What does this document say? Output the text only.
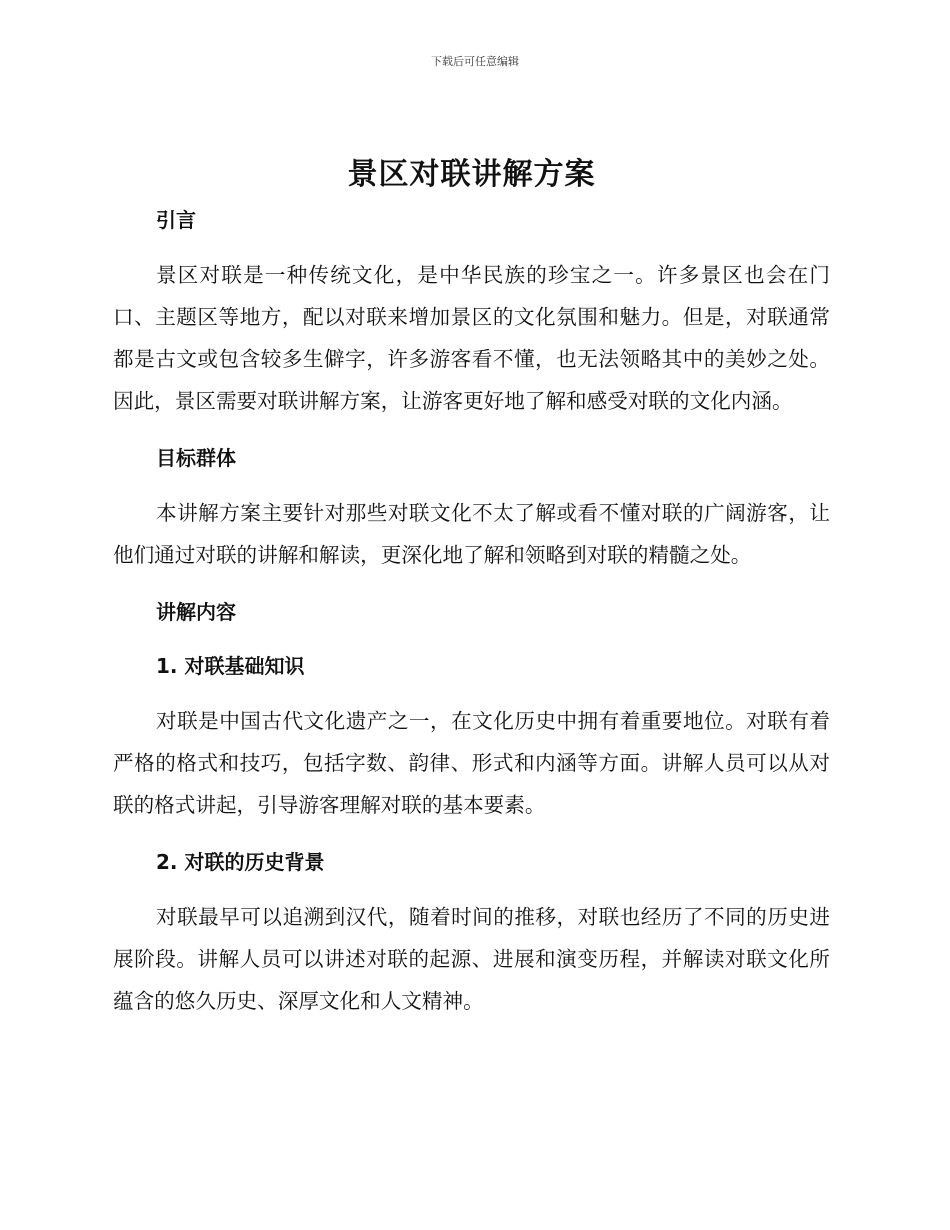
下载后可任意编辑
景区对联讲解方案
引言

景区对联是一种传统文化，是中华民族的珍宝之一。许多景区也会在门口、主题区等地方，配以对联来增加景区的文化氛围和魅力。但是，对联通常都是古文或包含较多生僻字，许多游客看不懂，也无法领略其中的美妙之处。因此，景区需要对联讲解方案，让游客更好地了解和感受对联的文化内涵。

目标群体

本讲解方案主要针对那些对联文化不太了解或看不懂对联的广阔游客，让他们通过对联的讲解和解读，更深化地了解和领略到对联的精髓之处。

讲解内容
1. 对联基础知识

对联是中国古代文化遗产之一，在文化历史中拥有着重要地位。对联有着严格的格式和技巧，包括字数、韵律、形式和内涵等方面。讲解人员可以从对联的格式讲起，引导游客理解对联的基本要素。

2. 对联的历史背景

对联最早可以追溯到汉代，随着时间的推移，对联也经历了不同的历史进展阶段。讲解人员可以讲述对联的起源、进展和演变历程，并解读对联文化所蕴含的悠久历史、深厚文化和人文精神。
